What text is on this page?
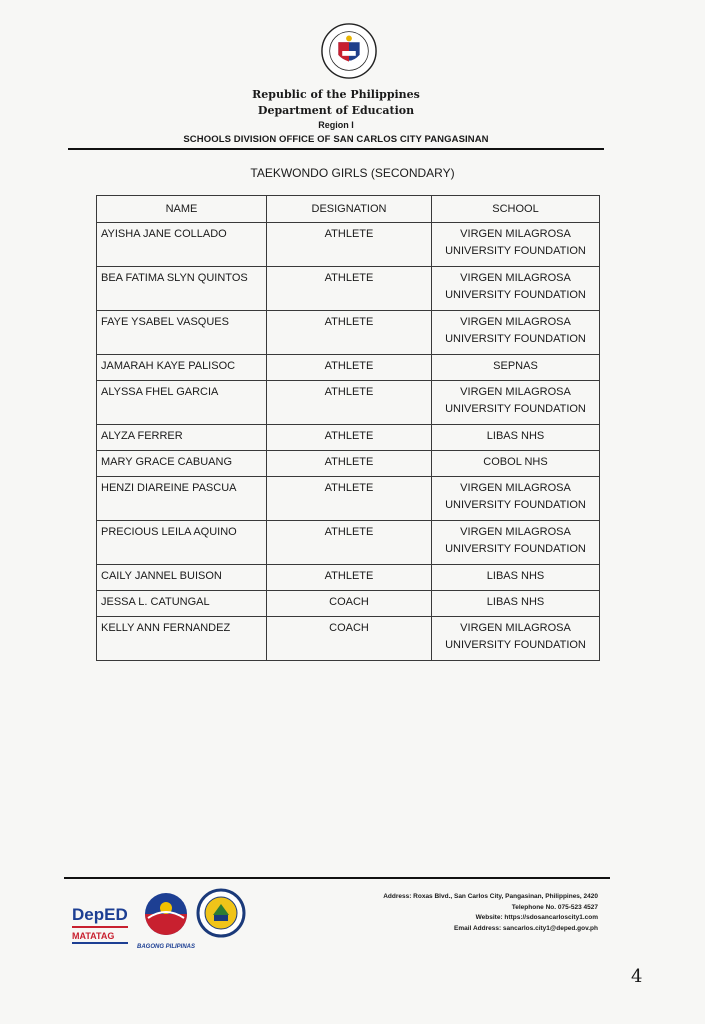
Republic of the Philippines
Department of Education
Region I
SCHOOLS DIVISION OFFICE OF SAN CARLOS CITY PANGASINAN
TAEKWONDO GIRLS (SECONDARY)
NAME	DESIGNATION	SCHOOL
AYISHA JANE COLLADO	ATHLETE	VIRGEN MILAGROSA UNIVERSITY FOUNDATION
BEA FATIMA SLYN QUINTOS	ATHLETE	VIRGEN MILAGROSA UNIVERSITY FOUNDATION
FAYE YSABEL VASQUES	ATHLETE	VIRGEN MILAGROSA UNIVERSITY FOUNDATION
JAMARAH KAYE PALISOC	ATHLETE	SEPNAS
ALYSSA FHEL GARCIA	ATHLETE	VIRGEN MILAGROSA UNIVERSITY FOUNDATION
ALYZA FERRER	ATHLETE	LIBAS NHS
MARY GRACE CABUANG	ATHLETE	COBOL NHS
HENZI DIAREINE PASCUA	ATHLETE	VIRGEN MILAGROSA UNIVERSITY FOUNDATION
PRECIOUS LEILA AQUINO	ATHLETE	VIRGEN MILAGROSA UNIVERSITY FOUNDATION
CAILY JANNEL BUISON	ATHLETE	LIBAS NHS
JESSA L. CATUNGAL	COACH	LIBAS NHS
KELLY ANN FERNANDEZ	COACH	VIRGEN MILAGROSA UNIVERSITY FOUNDATION
DepED
MATATAG
BAGONG PILIPINAS
Address: Roxas Blvd., San Carlos City, Pangasinan, Philippines, 2420
Telephone No. 075-523 4527
Website: https://sdosancarloscity1.com
Email Address: sancarlos.city1@deped.gov.ph
4
